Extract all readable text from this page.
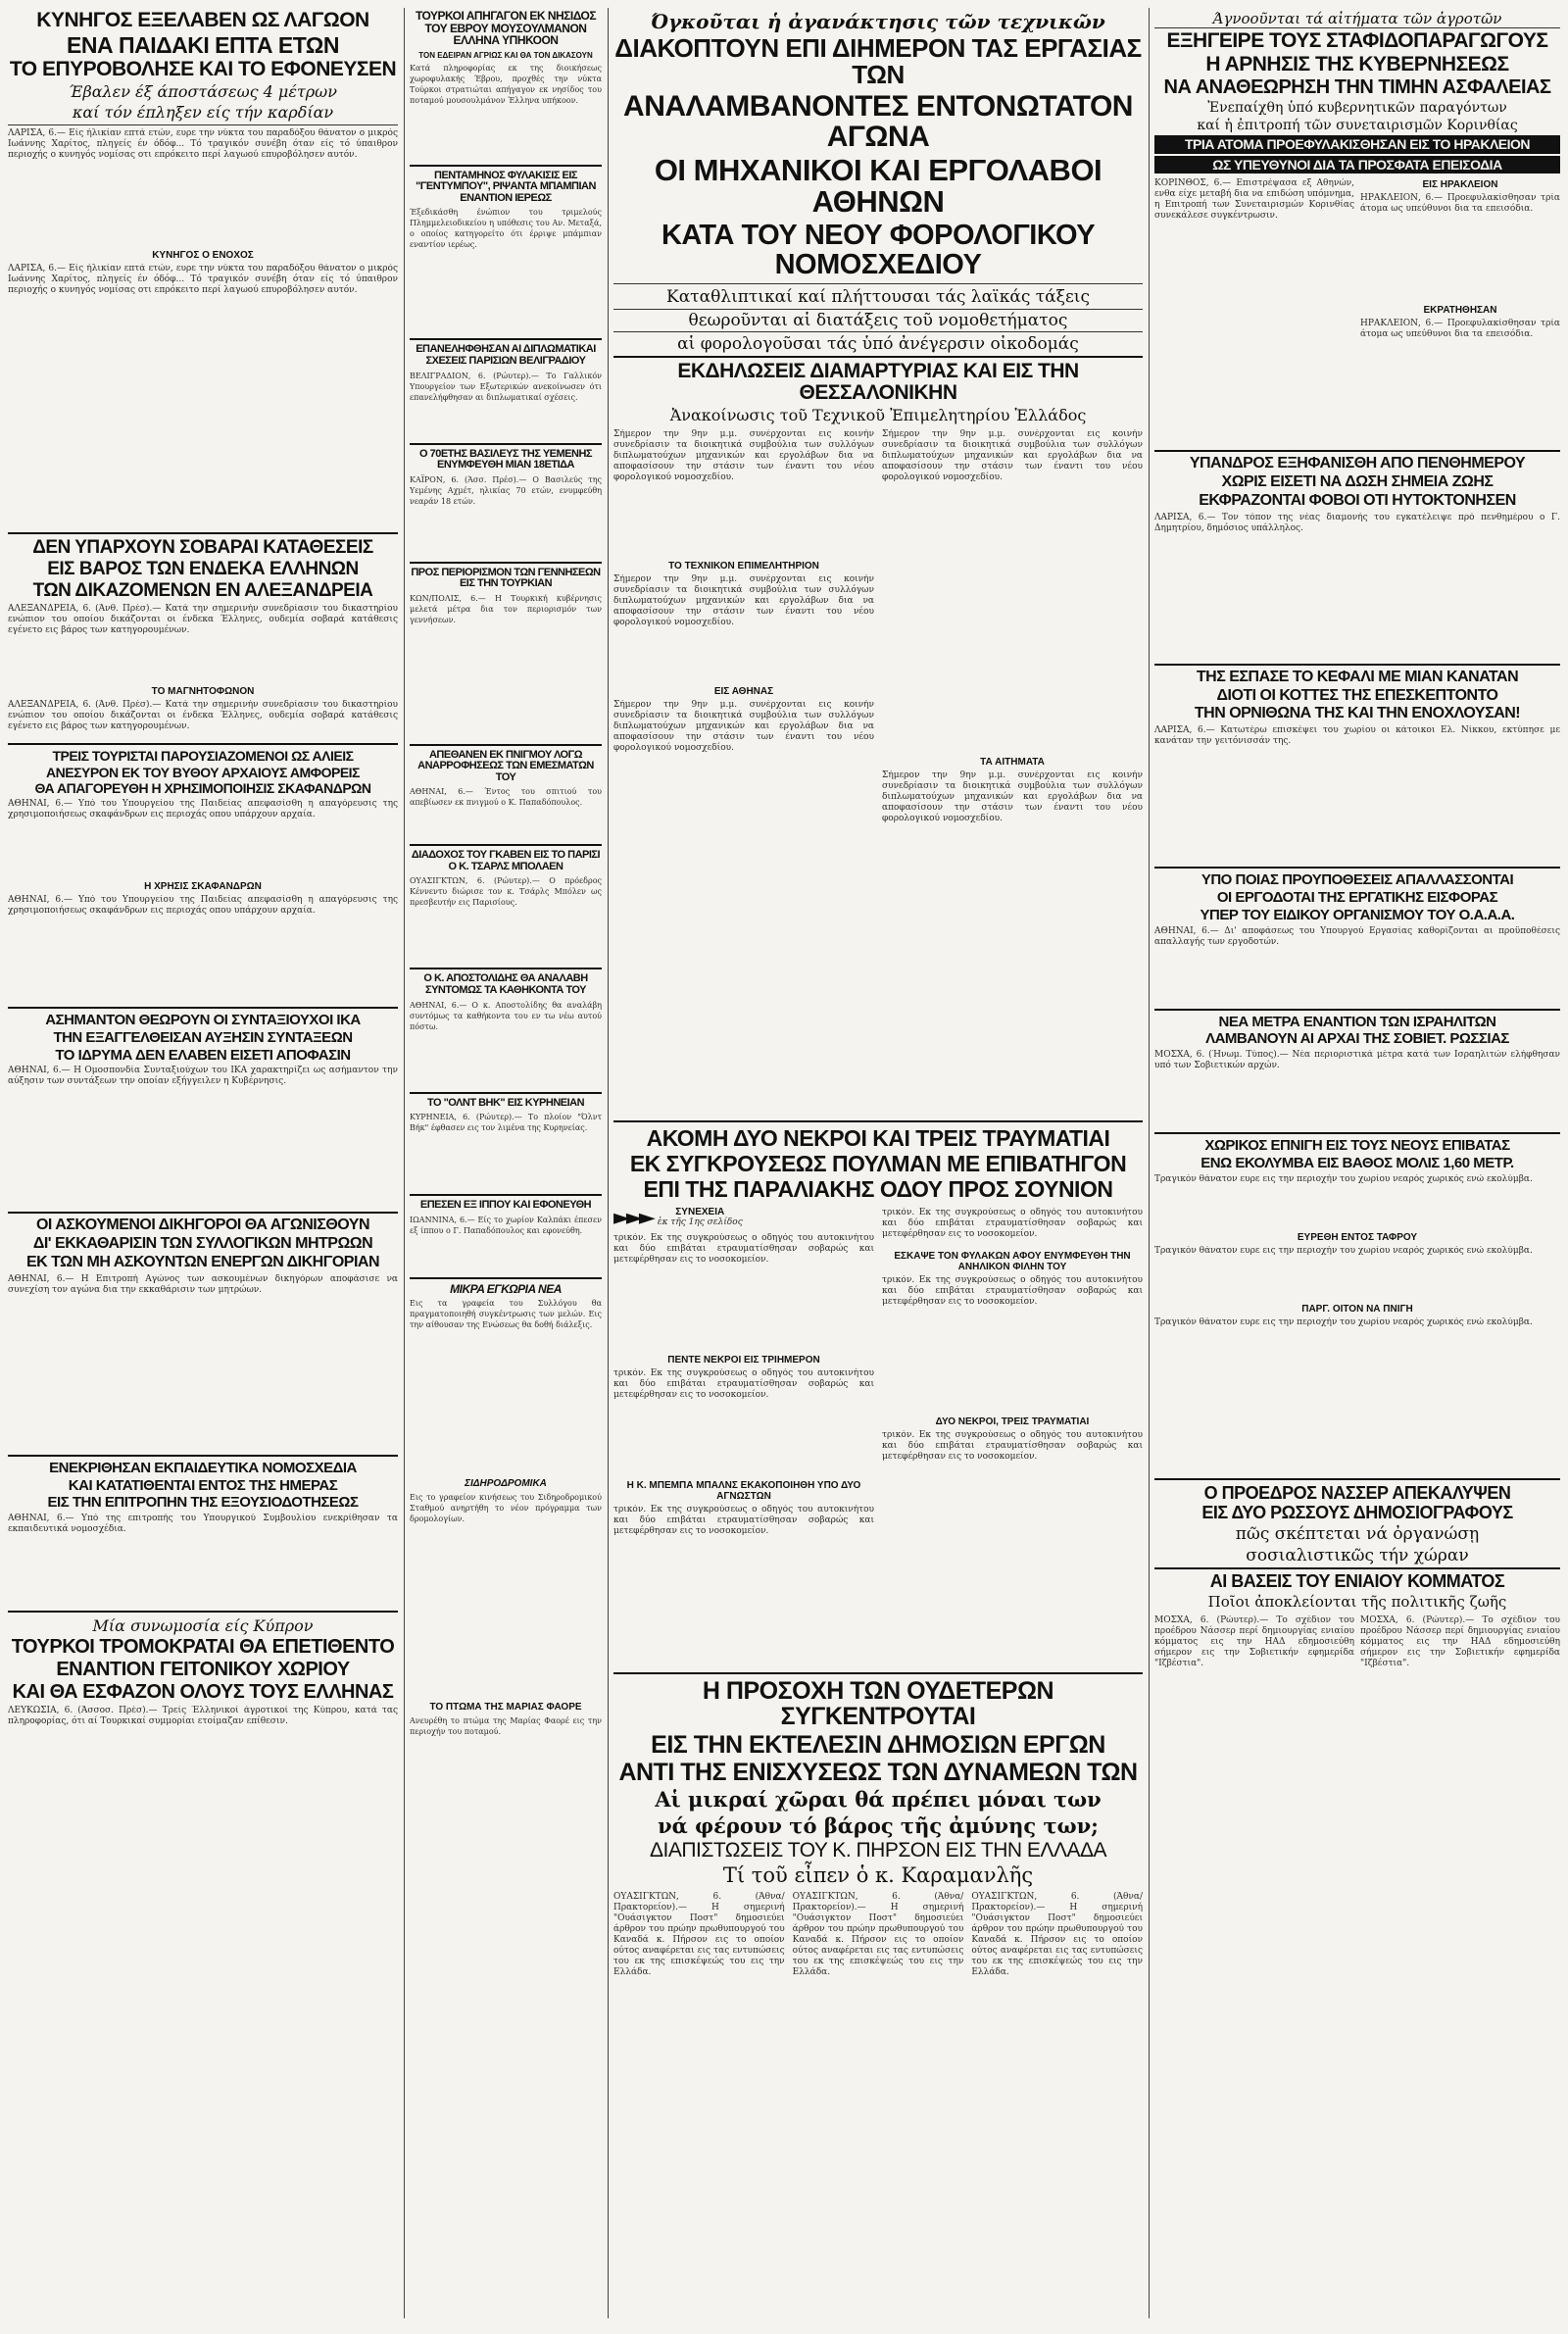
ΚΥΝΗΓΟΣ ΕΞΕΛΑΒΕΝ ΩΣ ΛΑΓΩΟΝ
ΕΝΑ ΠΑΙΔΑΚΙ ΕΠΤΑ ΕΤΩΝ
ΤΟ ΕΠΥΡΟΒΟΛΗΣΕ ΚΑΙ ΤΟ ΕΦΟΝΕΥΣΕΝ
Έβαλεν έξ άποστάσεως 4 μέτρων
καί τόν έπληξεν είς τήν καρδίαν

ΛΑΡΙΣΑ, 6.— Είς ήλικίαν επτά ετών, ευρε την νύκτα του παραδόξου θάνατον ο μικρός Ιωάννης Χαρίτος, πληγείς έν όδόφ... Τό τραγικόν συνέβη όταν είς τό ύπαιθρον περιοχής ο κυνηγός νομίσας οτι επρόκειτο περί λαγωού επυροβόλησεν αυτόν.

ΚΥΝΗΓΟΣ Ο ΕΝΟΧΟΣ

ΛΑΡΙΣΑ, 6.— Είς ήλικίαν επτά ετών, ευρε την νύκτα του παραδόξου θάνατον ο μικρός Ιωάννης Χαρίτος, πληγείς έν όδόφ... Τό τραγικόν συνέβη όταν είς τό ύπαιθρον περιοχής ο κυνηγός νομίσας οτι επρόκειτο περί λαγωού επυροβόλησεν αυτόν.

ΔΕΝ ΥΠΑΡΧΟΥΝ ΣΟΒΑΡΑΙ ΚΑΤΑΘΕΣΕΙΣ
ΕΙΣ ΒΑΡΟΣ ΤΩΝ ΕΝΔΕΚΑ ΕΛΛΗΝΩΝ
ΤΩΝ ΔΙΚΑΖΟΜΕΝΩΝ ΕΝ ΑΛΕΞΑΝΔΡΕΙΑ

ΑΛΕΞΑΝΔΡΕΙΑ, 6. (Άνθ. Πρέσ).— Κατά την σημερινήν συνεδρίασιν του δικαστηρίου ενώπιον του οποίου δικάζονται οι ένδεκα Έλληνες, ουδεμία σοβαρά κατάθεσις εγένετο εις βάρος των κατηγορουμένων.

ΤΟ ΜΑΓΝΗΤΟΦΩΝΟΝ

ΑΛΕΞΑΝΔΡΕΙΑ, 6. (Άνθ. Πρέσ).— Κατά την σημερινήν συνεδρίασιν του δικαστηρίου ενώπιον του οποίου δικάζονται οι ένδεκα Έλληνες, ουδεμία σοβαρά κατάθεσις εγένετο εις βάρος των κατηγορουμένων.

ΤΡΕΙΣ ΤΟΥΡΙΣΤΑΙ ΠΑΡΟΥΣΙΑΖΟΜΕΝΟΙ ΩΣ ΑΛΙΕΙΣ
ΑΝΕΣΥΡΟΝ ΕΚ ΤΟΥ ΒΥΘΟΥ ΑΡΧΑΙΟΥΣ ΑΜΦΟΡΕΙΣ
ΘΑ ΑΠΑΓΟΡΕΥΘΗ Η ΧΡΗΣΙΜΟΠΟΙΗΣΙΣ ΣΚΑΦΑΝΔΡΩΝ

ΑΘΗΝΑΙ, 6.— Υπό του Υπουργείου της Παιδείας απεφασίσθη η απαγόρευσις της χρησιμοποιήσεως σκαφάνδρων εις περιοχάς οπου υπάρχουν αρχαία.

Η ΧΡΗΣΙΣ ΣΚΑΦΑΝΔΡΩΝ

ΑΘΗΝΑΙ, 6.— Υπό του Υπουργείου της Παιδείας απεφασίσθη η απαγόρευσις της χρησιμοποιήσεως σκαφάνδρων εις περιοχάς οπου υπάρχουν αρχαία.

ΑΣΗΜΑΝΤΟΝ ΘΕΩΡΟΥΝ ΟΙ ΣΥΝΤΑΞΙΟΥΧΟΙ ΙΚΑ
ΤΗΝ ΕΞΑΓΓΕΛΘΕΙΣΑΝ ΑΥΞΗΣΙΝ ΣΥΝΤΑΞΕΩΝ
ΤΟ ΙΔΡΥΜΑ ΔΕΝ ΕΛΑΒΕΝ ΕΙΣΕΤΙ ΑΠΟΦΑΣΙΝ

ΑΘΗΝΑΙ, 6.— Η Ομοσπονδία Συνταξιούχων του ΙΚΑ χαρακτηρίζει ως ασήμαντον την αύξησιν των συντάξεων την οποίαν εξήγγειλεν η Κυβέρνησις.

ΟΙ ΑΣΚΟΥΜΕΝΟΙ ΔΙΚΗΓΟΡΟΙ ΘΑ ΑΓΩΝΙΣΘΟΥΝ
ΔΙ' ΕΚΚΑΘΑΡΙΣΙΝ ΤΩΝ ΣΥΛΛΟΓΙΚΩΝ ΜΗΤΡΩΩΝ
ΕΚ ΤΩΝ ΜΗ ΑΣΚΟΥΝΤΩΝ ΕΝΕΡΓΩΝ ΔΙΚΗΓΟΡΙΑΝ

ΑΘΗΝΑΙ, 6.— Η Επιτροπή Αγώνος των ασκουμένων δικηγόρων αποφάσισε να συνεχίση τον αγώνα δια την εκκαθάρισιν των μητρώων.

ΕΝΕΚΡΙΘΗΣΑΝ ΕΚΠΑΙΔΕΥΤΙΚΑ ΝΟΜΟΣΧΕΔΙΑ
ΚΑΙ ΚΑΤΑΤΙΘΕΝΤΑΙ ΕΝΤΟΣ ΤΗΣ ΗΜΕΡΑΣ
ΕΙΣ ΤΗΝ ΕΠΙΤΡΟΠΗΝ ΤΗΣ ΕΞΟΥΣΙΟΔΟΤΗΣΕΩΣ

ΑΘΗΝΑΙ, 6.— Υπό της επιτροπής του Υπουργικού Συμβουλίου ενεκρίθησαν τα εκπαιδευτικά νομοσχέδια.

Μία συνωμοσία είς Κύπρον
ΤΟΥΡΚΟΙ ΤΡΟΜΟΚΡΑΤΑΙ ΘΑ ΕΠΕΤΙΘΕΝΤΟ
ΕΝΑΝΤΙΟΝ ΓΕΙΤΟΝΙΚΟΥ ΧΩΡΙΟΥ
ΚΑΙ ΘΑ ΕΣΦΑΖΟΝ ΟΛΟΥΣ ΤΟΥΣ ΕΛΛΗΝΑΣ

ΛΕΥΚΩΣΙΑ, 6. (Άσσοσ. Πρέσ).— Τρείς Έλληνικοί άγροτικοί της Κύπρου, κατά τας πληροφορίας, ότι αί Τουρκικαί συμμορίαι ετοίμαζαν επίθεσιν.

ΤΟΥΡΚΟΙ ΑΠΗΓΑΓΟΝ ΕΚ ΝΗΣΙΔΟΣ ΤΟΥ ΕΒΡΟΥ ΜΟΥΣΟΥΛΜΑΝΟΝ ΕΛΛΗΝΑ ΥΠΗΚΟΟΝ
ΤΟΝ ΕΔΕΙΡΑΝ ΑΓΡΙΩΣ ΚΑΙ ΘΑ ΤΟΝ ΔΙΚΑΣΟΥΝ

Κατά πληροφορίας εκ της διοικήσεως χωροφυλακής Έβρου, προχθές την νύκτα Τούρκοι στρατιώται απήγαγον εκ νησίδος του ποταμού μουσουλμάνον Έλληνα υπήκοον.

ΠΕΝΤΑΜΗΝΟΣ ΦΥΛΑΚΙΣΙΣ ΕΙΣ "ΓΕΝΤΥΜΠΟΥ", ΡΙΨΑΝΤΑ ΜΠΑΜΠΙΑΝ ΕΝΑΝΤΙΟΝ ΙΕΡΕΩΣ

Έξεδικάσθη ένώπιον του τριμελούς Πλημμελειοδικείου η υπόθεσις του Αν. Μεταξά, ο οποίος κατηγορείτο ότι έρριψε μπάμπιαν εναντίον ιερέως.

ΕΠΑΝΕΛΗΦΘΗΣΑΝ ΑΙ ΔΙΠΛΩΜΑΤΙΚΑΙ ΣΧΕΣΕΙΣ ΠΑΡΙΣΙΩΝ ΒΕΛΙΓΡΑΔΙΟΥ

ΒΕΛΙΓΡΑΔΙΟΝ, 6. (Ρώυτερ).— Το Γαλλικόν Υπουργείον των Εξωτερικών ανεκοίνωσεν ότι επανελήφθησαν αι διπλωματικαί σχέσεις.

Ο 70ΕΤΗΣ ΒΑΣΙΛΕΥΣ ΤΗΣ ΥΕΜΕΝΗΣ ΕΝΥΜΦΕΥΘΗ ΜΙΑΝ 18ΕΤΙΔΑ

ΚΑΪΡΟΝ, 6. (Άσσ. Πρέσ).— Ο Βασιλεύς της Υεμένης Αχμέτ, ηλικίας 70 ετών, ενυμφεύθη νεαράν 18 ετών.

ΠΡΟΣ ΠΕΡΙΟΡΙΣΜΟΝ ΤΩΝ ΓΕΝΝΗΣΕΩΝ ΕΙΣ ΤΗΝ ΤΟΥΡΚΙΑΝ

ΚΩΝ/ΠΟΛΙΣ, 6.— Η Τουρκική κυβέρνησις μελετά μέτρα δια τον περιορισμόν των γεννήσεων.

ΑΠΕΘΑΝΕΝ ΕΚ ΠΝΙΓΜΟΥ ΛΟΓΩ ΑΝΑΡΡΟΦΗΣΕΩΣ ΤΩΝ ΕΜΕΣΜΑΤΩΝ ΤΟΥ

ΑΘΗΝΑΙ, 6.— Έντος του σπιτιού του απεβίωσεν εκ πνιγμού ο Κ. Παπαδόπουλος.

ΔΙΑΔΟΧΟΣ ΤΟΥ ΓΚΑΒΕΝ ΕΙΣ ΤΟ ΠΑΡΙΣΙ Ο Κ. ΤΣΑΡΛΣ ΜΠΟΛΑΕΝ

ΟΥΑΣΙΓΚΤΩΝ, 6. (Ρώυτερ).— Ο πρόεδρος Κέννεντυ διώρισε τον κ. Τσάρλς Μπόλεν ως πρεσβευτήν εις Παρισίους.

Ο Κ. ΑΠΟΣΤΟΛΙΔΗΣ ΘΑ ΑΝΑΛΑΒΗ ΣΥΝΤΟΜΩΣ ΤΑ ΚΑΘΗΚΟΝΤΑ ΤΟΥ

ΑΘΗΝΑΙ, 6.— Ο κ. Αποστολίδης θα αναλάβη συντόμως τα καθήκοντα του εν τω νέω αυτού πόστω.

ΤΟ "ΟΛΝΤ ΒΗΚ" ΕΙΣ ΚΥΡΗΝΕΙΑΝ

ΚΥΡΗΝΕΙΑ, 6. (Ρώυτερ).— Το πλοίον "Όλντ Βήκ" έφθασεν εις τον λιμένα της Κυρηνείας.

ΕΠΕΣΕΝ ΕΞ ΙΠΠΟΥ ΚΑΙ ΕΦΟΝΕΥΘΗ

ΙΩΑΝΝΙΝΑ, 6.— Είς το χωρίον Καλπάκι έπεσεν εξ ίππου ο Γ. Παπαδόπουλος και εφονεύθη.

ΜΙΚΡΑ ΕΓΚΩΡΙΑ ΝΕΑ

Εις τα γραφεία του Συλλόγου θα πραγματοποιηθή συγκέντρωσις των μελών. Εις την αίθουσαν της Ενώσεως θα δοθή διάλεξις.

ΣΙΔΗΡΟΔΡΟΜΙΚΑ

Εις το γραφείον κινήσεως του Σιδηροδρομικού Σταθμού ανηρτήθη το νέον πρόγραμμα των δρομολογίων.

ΤΟ ΠΤΩΜΑ ΤΗΣ ΜΑΡΙΑΣ ΦΑΟΡΕ

Ανευρέθη το πτώμα της Μαρίας Φαορέ εις την περιοχήν του ποταμού.

Όγκοῦται ἡ ἀγανάκτησις τῶν τεχνικῶν
ΔΙΑΚΟΠΤΟΥΝ ΕΠΙ ΔΙΗΜΕΡΟΝ ΤΑΣ ΕΡΓΑΣΙΑΣ ΤΩΝ
ΑΝΑΛΑΜΒΑΝΟΝΤΕΣ ΕΝΤΟΝΩΤΑΤΟΝ ΑΓΩΝΑ
ΟΙ ΜΗΧΑΝΙΚΟΙ ΚΑΙ ΕΡΓΟΛΑΒΟΙ ΑΘΗΝΩΝ
ΚΑΤΑ ΤΟΥ ΝΕΟΥ ΦΟΡΟΛΟΓΙΚΟΥ ΝΟΜΟΣΧΕΔΙΟΥ
Καταθλιπτικαί καί πλήττουσαι τάς λαϊκάς τάξεις
θεωροῦνται αἱ διατάξεις τοῦ νομοθετήματος
αἱ φορολογοῦσαι τάς ὑπό ἀνέγερσιν οἰκοδομάς
ΕΚΔΗΛΩΣΕΙΣ ΔΙΑΜΑΡΤΥΡΙΑΣ ΚΑΙ ΕΙΣ ΤΗΝ ΘΕΣΣΑΛΟΝΙΚΗΝ
Ἀνακοίνωσις τοῦ Τεχνικοῦ Ἐπιμελητηρίου Ἑλλάδος

Σήμερον την 9ην μ.μ. συνέρχονται εις κοινήν συνεδρίασιν τα διοικητικά συμβούλια των συλλόγων διπλωματούχων μηχανικών και εργολάβων δια να αποφασίσουν την στάσιν των έναντι του νέου φορολογικού νομοσχεδίου.

ΤΟ ΤΕΧΝΙΚΟΝ ΕΠΙΜΕΛΗΤΗΡΙΟΝ

Σήμερον την 9ην μ.μ. συνέρχονται εις κοινήν συνεδρίασιν τα διοικητικά συμβούλια των συλλόγων διπλωματούχων μηχανικών και εργολάβων δια να αποφασίσουν την στάσιν των έναντι του νέου φορολογικού νομοσχεδίου.

ΕΙΣ ΑΘΗΝΑΣ

Σήμερον την 9ην μ.μ. συνέρχονται εις κοινήν συνεδρίασιν τα διοικητικά συμβούλια των συλλόγων διπλωματούχων μηχανικών και εργολάβων δια να αποφασίσουν την στάσιν των έναντι του νέου φορολογικού νομοσχεδίου.

Σήμερον την 9ην μ.μ. συνέρχονται εις κοινήν συνεδρίασιν τα διοικητικά συμβούλια των συλλόγων διπλωματούχων μηχανικών και εργολάβων δια να αποφασίσουν την στάσιν των έναντι του νέου φορολογικού νομοσχεδίου.

ΤΑ ΑΙΤΗΜΑΤΑ

Σήμερον την 9ην μ.μ. συνέρχονται εις κοινήν συνεδρίασιν τα διοικητικά συμβούλια των συλλόγων διπλωματούχων μηχανικών και εργολάβων δια να αποφασίσουν την στάσιν των έναντι του νέου φορολογικού νομοσχεδίου.

ΑΚΟΜΗ ΔΥΟ ΝΕΚΡΟΙ ΚΑΙ ΤΡΕΙΣ ΤΡΑΥΜΑΤΙΑΙ
ΕΚ ΣΥΓΚΡΟΥΣΕΩΣ ΠΟΥΛΜΑΝ ΜΕ ΕΠΙΒΑΤΗΓΟΝ
ΕΠΙ ΤΗΣ ΠΑΡΑΛΙΑΚΗΣ ΟΔΟΥ ΠΡΟΣ ΣΟΥΝΙΟΝ
►►►	ΣΥΝΕΧΕΙΑ
ἐκ τῆς 1ης σελίδος

τρικόν. Εκ της συγκρούσεως ο οδηγός του αυτοκινήτου και δύο επιβάται ετραυματίσθησαν σοβαρώς και μετεφέρθησαν εις το νοσοκομείον.

ΠΕΝΤΕ ΝΕΚΡΟΙ ΕΙΣ ΤΡΙΗΜΕΡΟΝ

τρικόν. Εκ της συγκρούσεως ο οδηγός του αυτοκινήτου και δύο επιβάται ετραυματίσθησαν σοβαρώς και μετεφέρθησαν εις το νοσοκομείον.

Η Κ. ΜΠΕΜΠΑ ΜΠΑΛΝΣ ΕΚΑΚΟΠΟΙΗΘΗ ΥΠΟ ΔΥΟ ΑΓΝΩΣΤΩΝ

τρικόν. Εκ της συγκρούσεως ο οδηγός του αυτοκινήτου και δύο επιβάται ετραυματίσθησαν σοβαρώς και μετεφέρθησαν εις το νοσοκομείον.

τρικόν. Εκ της συγκρούσεως ο οδηγός του αυτοκινήτου και δύο επιβάται ετραυματίσθησαν σοβαρώς και μετεφέρθησαν εις το νοσοκομείον.

ΕΣΚΑΨΕ ΤΟΝ ΦΥΛΑΚΩΝ ΑΦΟΥ ΕΝΥΜΦΕΥΘΗ ΤΗΝ ΑΝΗΛΙΚΟΝ ΦΙΛΗΝ ΤΟΥ

τρικόν. Εκ της συγκρούσεως ο οδηγός του αυτοκινήτου και δύο επιβάται ετραυματίσθησαν σοβαρώς και μετεφέρθησαν εις το νοσοκομείον.

ΔΥΟ ΝΕΚΡΟΙ, ΤΡΕΙΣ ΤΡΑΥΜΑΤΙΑΙ

τρικόν. Εκ της συγκρούσεως ο οδηγός του αυτοκινήτου και δύο επιβάται ετραυματίσθησαν σοβαρώς και μετεφέρθησαν εις το νοσοκομείον.

Η ΠΡΟΣΟΧΗ ΤΩΝ ΟΥΔΕΤΕΡΩΝ ΣΥΓΚΕΝΤΡΟΥΤΑΙ
ΕΙΣ ΤΗΝ ΕΚΤΕΛΕΣΙΝ ΔΗΜΟΣΙΩΝ ΕΡΓΩΝ
ΑΝΤΙ ΤΗΣ ΕΝΙΣΧΥΣΕΩΣ ΤΩΝ ΔΥΝΑΜΕΩΝ ΤΩΝ
Αἱ μικραί χῶραι θά πρέπει μόναι των
νά φέρουν τό βάρος τῆς ἀμύνης των;
ΔΙΑΠΙΣΤΩΣΕΙΣ ΤΟΥ Κ. ΠΗΡΣΟΝ ΕΙΣ ΤΗΝ ΕΛΛΑΔΑ
Τί τοῦ εἶπεν ὁ κ. Καραμανλῆς

ΟΥΑΣΙΓΚΤΩΝ, 6. (Άθνα/Πρακτορείον).— Η σημερινή "Ουάσιγκτον Ποστ" δημοσιεύει άρθρον του πρώην πρωθυπουργού του Καναδά κ. Πήρσον εις το οποίον ούτος αναφέρεται εις τας εντυπώσεις του εκ της επισκέψεώς του εις την Ελλάδα.

ΟΥΑΣΙΓΚΤΩΝ, 6. (Άθνα/Πρακτορείον).— Η σημερινή "Ουάσιγκτον Ποστ" δημοσιεύει άρθρον του πρώην πρωθυπουργού του Καναδά κ. Πήρσον εις το οποίον ούτος αναφέρεται εις τας εντυπώσεις του εκ της επισκέψεώς του εις την Ελλάδα.

ΟΥΑΣΙΓΚΤΩΝ, 6. (Άθνα/Πρακτορείον).— Η σημερινή "Ουάσιγκτον Ποστ" δημοσιεύει άρθρον του πρώην πρωθυπουργού του Καναδά κ. Πήρσον εις το οποίον ούτος αναφέρεται εις τας εντυπώσεις του εκ της επισκέψεώς του εις την Ελλάδα.

Άγνοοῦνται τά αἰτήματα τῶν ἀγροτῶν
ΕΞΗΓΕΙΡΕ ΤΟΥΣ ΣΤΑΦΙΔΟΠΑΡΑΓΩΓΟΥΣ
Η ΑΡΝΗΣΙΣ ΤΗΣ ΚΥΒΕΡΝΗΣΕΩΣ
ΝΑ ΑΝΑΘΕΩΡΗΣΗ ΤΗΝ ΤΙΜΗΝ ΑΣΦΑΛΕΙΑΣ
Ἐνεπαίχθη ὑπό κυβερνητικῶν παραγόντων
καί ἡ ἐπιτροπή τῶν συνεταιρισμῶν Κορινθίας
ΤΡΙΑ ΑΤΟΜΑ ΠΡΟΕΦΥΛΑΚΙΣΘΗΣΑΝ ΕΙΣ ΤΟ ΗΡΑΚΛΕΙΟΝ
ΩΣ ΥΠΕΥΘΥΝΟΙ ΔΙΑ ΤΑ ΠΡΟΣΦΑΤΑ ΕΠΕΙΣΟΔΙΑ

ΚΟΡΙΝΘΟΣ, 6.— Επιστρέψασα εξ Αθηνών, ενθα είχε μεταβή δια να επιδώση υπόμνημα, η Επιτροπή των Συνεταιρισμών Κορινθίας συνεκάλεσε συγκέντρωσιν.

ΕΙΣ ΗΡΑΚΛΕΙΟΝ

ΗΡΑΚΛΕΙΟΝ, 6.— Προεφυλακίσθησαν τρία άτομα ως υπεύθυνοι δια τα επεισόδια.

ΕΚΡΑΤΗΘΗΣΑΝ

ΗΡΑΚΛΕΙΟΝ, 6.— Προεφυλακίσθησαν τρία άτομα ως υπεύθυνοι δια τα επεισόδια.

ΥΠΑΝΔΡΟΣ ΕΞΗΦΑΝΙΣΘΗ ΑΠΟ ΠΕΝΘΗΜΕΡΟΥ
ΧΩΡΙΣ ΕΙΣΕΤΙ ΝΑ ΔΩΣΗ ΣΗΜΕΙΑ ΖΩΗΣ
ΕΚΦΡΑΖΟΝΤΑΙ ΦΟΒΟΙ ΟΤΙ ΗΥΤΟΚΤΟΝΗΣΕΝ

ΛΑΡΙΣΑ, 6.— Τον τόπον της νέας διαμονής του εγκατέλειψε πρό πενθημέρου ο Γ. Δημητρίου, δημόσιος υπάλληλος.

ΤΗΣ ΕΣΠΑΣΕ ΤΟ ΚΕΦΑΛΙ ΜΕ ΜΙΑΝ ΚΑΝΑΤΑΝ
ΔΙΟΤΙ ΟΙ ΚΟΤΤΕΣ ΤΗΣ ΕΠΕΣΚΕΠΤΟΝΤΟ
ΤΗΝ ΟΡΝΙΘΩΝΑ ΤΗΣ ΚΑΙ ΤΗΝ ΕΝΟΧΛΟΥΣΑΝ!

ΛΑΡΙΣΑ, 6.— Κατωτέρω επισκέψει του χωρίου οι κάτοικοι Ελ. Νίκκου, εκτύπησε με κανάταν την γειτόνισσάν της.

ΥΠΟ ΠΟΙΑΣ ΠΡΟΥΠΟΘΕΣΕΙΣ ΑΠΑΛΛΑΣΣΟΝΤΑΙ
ΟΙ ΕΡΓΟΔΟΤΑΙ ΤΗΣ ΕΡΓΑΤΙΚΗΣ ΕΙΣΦΟΡΑΣ
ΥΠΕΡ ΤΟΥ ΕΙΔΙΚΟΥ ΟΡΓΑΝΙΣΜΟΥ ΤΟΥ Ο.Α.Α.Α.

ΑΘΗΝΑΙ, 6.— Δι' αποφάσεως του Υπουργού Εργασίας καθορίζονται αι προϋποθέσεις απαλλαγής των εργοδοτών.

ΝΕΑ ΜΕΤΡΑ ΕΝΑΝΤΙΟΝ ΤΩΝ ΙΣΡΑΗΛΙΤΩΝ
ΛΑΜΒΑΝΟΥΝ ΑΙ ΑΡΧΑΙ ΤΗΣ ΣΟΒΙΕΤ. ΡΩΣΣΙΑΣ

ΜΟΣΧΑ, 6. (Ήνωμ. Τύπος).— Νέα περιοριστικά μέτρα κατά των Ισραηλιτών ελήφθησαν υπό των Σοβιετικών αρχών.

ΧΩΡΙΚΟΣ ΕΠΝΙΓΗ ΕΙΣ ΤΟΥΣ ΝΕΟΥΣ ΕΠΙΒΑΤΑΣ
ΕΝΩ ΕΚΟΛΥΜΒΑ ΕΙΣ ΒΑΘΟΣ ΜΟΛΙΣ 1,60 ΜΕΤΡ.

Τραγικόν θάνατον ευρε εις την περιοχήν του χωρίου νεαρός χωρικός ενώ εκολύμβα.

ΕΥΡΕΘΗ ΕΝΤΟΣ ΤΑΦΡΟΥ

Τραγικόν θάνατον ευρε εις την περιοχήν του χωρίου νεαρός χωρικός ενώ εκολύμβα.

ΠΑΡΓ. ΟΙΤΟΝ ΝΑ ΠΝΙΓΗ

Τραγικόν θάνατον ευρε εις την περιοχήν του χωρίου νεαρός χωρικός ενώ εκολύμβα.

Ο ΠΡΟΕΔΡΟΣ ΝΑΣΣΕΡ ΑΠΕΚΑΛΥΨΕΝ
ΕΙΣ ΔΥΟ ΡΩΣΣΟΥΣ ΔΗΜΟΣΙΟΓΡΑΦΟΥΣ
πῶς σκέπτεται νά ὀργανώσῃ
σοσιαλιστικῶς τήν χώραν
ΑΙ ΒΑΣΕΙΣ ΤΟΥ ΕΝΙΑΙΟΥ ΚΟΜΜΑΤΟΣ
Ποῖοι ἀποκλείονται τῆς πολιτικῆς ζωῆς

ΜΟΣΧΑ, 6. (Ρώυτερ).— Το σχέδιον του προέδρου Νάσσερ περί δημιουργίας ενιαίου κόμματος εις την ΗΑΔ εδημοσιεύθη σήμερον εις την Σοβιετικήν εφημερίδα "Ιζβέστια".

ΜΟΣΧΑ, 6. (Ρώυτερ).— Το σχέδιον του προέδρου Νάσσερ περί δημιουργίας ενιαίου κόμματος εις την ΗΑΔ εδημοσιεύθη σήμερον εις την Σοβιετικήν εφημερίδα "Ιζβέστια".
